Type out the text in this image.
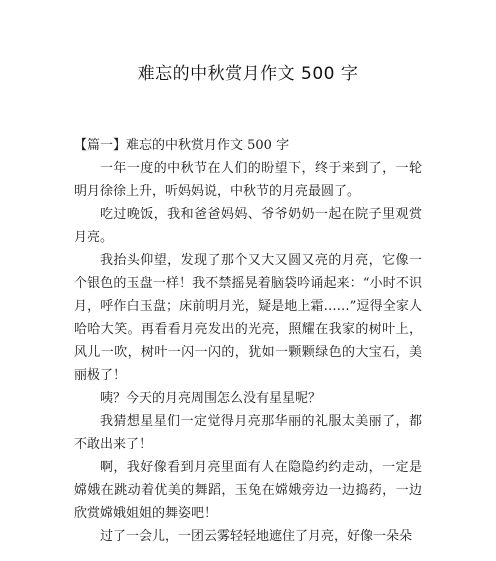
难忘的中秋赏月作文 500 字

【篇一】难忘的中秋赏月作文 500 字

一年一度的中秋节在人们的盼望下，终于来到了，一轮明月徐徐上升，听妈妈说，中秋节的月亮最圆了。

吃过晚饭，我和爸爸妈妈、爷爷奶奶一起在院子里观赏月亮。

我抬头仰望，发现了那个又大又圆又亮的月亮，它像一个银色的玉盘一样！我不禁摇晃着脑袋吟诵起来：“小时不识月，呼作白玉盘；床前明月光，疑是地上霜……”逗得全家人哈哈大笑。再看看月亮发出的光亮，照耀在我家的树叶上，风儿一吹，树叶一闪一闪的，犹如一颗颗绿色的大宝石，美丽极了！

咦？今天的月亮周围怎么没有星星呢？

我猜想星星们一定觉得月亮那华丽的礼服太美丽了，都不敢出来了！

啊，我好像看到月亮里面有人在隐隐约约走动，一定是嫦娥在跳动着优美的舞蹈，玉兔在嫦娥旁边一边捣药，一边欣赏嫦娥姐姐的舞姿吧！

过了一会儿，一团云雾轻轻地遮住了月亮，好像一朵朵
